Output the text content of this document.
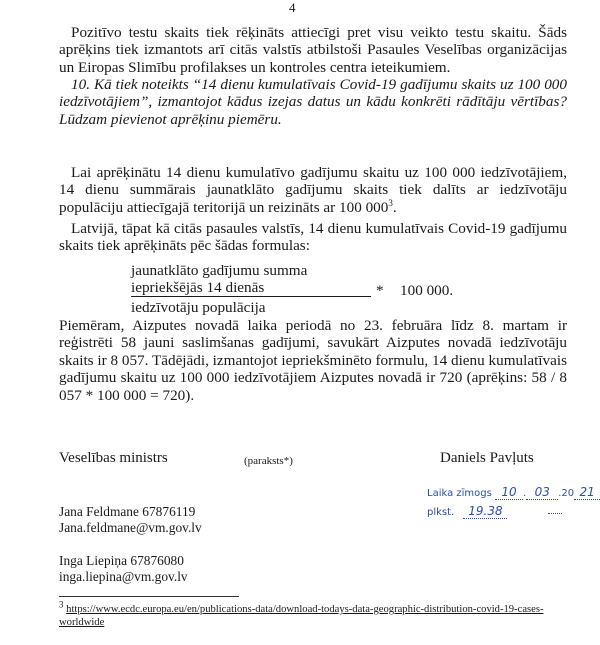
4
Pozitīvo testu skaits tiek rēķināts attiecīgi pret visu veikto testu skaitu. Šāds aprēķins tiek izmantots arī citās valstīs atbilstoši Pasaules Veselības organizācijas un Eiropas Slimību profilakses un kontroles centra ieteikumiem.
10. Kā tiek noteikts “14 dienu kumulatīvais Covid-19 gadījumu skaits uz 100 000 iedzīvotājiem”, izmantojot kādus izejas datus un kādu konkrēti rādītāju vērtības? Lūdzam pievienot aprēķinu piemēru.
Lai aprēķinātu 14 dienu kumulatīvo gadījumu skaitu uz 100 000 iedzīvotājiem, 14 dienu summārais jaunatklāto gadījumu skaits tiek dalīts ar iedzīvotāju populāciju attiecīgajā teritorijā un reizināts ar 100 $000^3$.
Latvijā, tāpat kā citās pasaules valstīs, 14 dienu kumulatīvais Covid-19 gadījumu skaits tiek aprēķināts pēc šādas formulas:
jaunatklāto gadījumu summa
iepriekšējās 14 dienās	* 100 000.
iedzīvotāju populācija
Piemēram, Aizputes novadā laika periodā no 23. februāra līdz 8. martam ir reģistrēti 58 jauni saslimšanas gadījumi, savukārt Aizputes novadā iedzīvotāju skaits ir 8 057. Tādējādi, izmantojot iepriekšminēto formulu, 14 dienu kumulatīvais gadījumu skaitu uz 100 000 iedzīvotājiem Aizputes novadā ir 720 (aprēķins: 58 / 8 057 * 100 000 = 720).
Veselības ministrs	(paraksts*)	Daniels Pavļuts
Laika zīmogs 10 . 03 .20 21
plkst. 19.38
Jana Feldmane 67876119
Jana.feldmane@vm.gov.lv
Inga Liepiņa 67876080
inga.liepina@vm.gov.lv
$^3$ https://www.ecdc.europa.eu/en/publications-data/download-todays-data-geographic-distribution-covid-19-cases-worldwide
